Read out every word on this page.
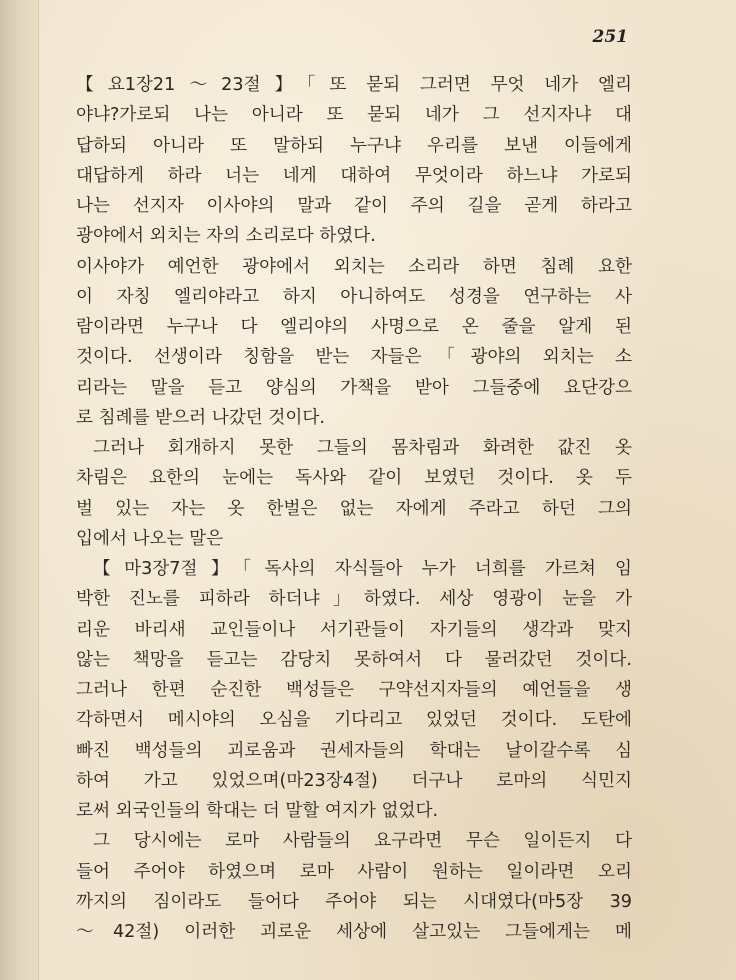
251
【요1장21～23절】「또 묻되 그러면 무엇 네가 엘리
야냐?가로되 나는 아니라 또 묻되 네가 그 선지자냐 대
답하되 아니라 또 말하되 누구냐 우리를 보낸 이들에게
대답하게 하라 너는 네게 대하여 무엇이라 하느냐 가로되
나는 선지자 이사야의 말과 같이 주의 길을 곧게 하라고
광야에서 외치는 자의 소리로다 하였다.
이사야가 예언한 광야에서 외치는 소리라 하면 침례 요한
이 자칭 엘리야라고 하지 아니하여도 성경을 연구하는 사
람이라면 누구나 다 엘리야의 사명으로 온 줄을 알게 된
것이다. 선생이라 칭함을 받는 자들은「광야의 외치는 소
리라는 말을 듣고 양심의 가책을 받아 그들중에 요단강으
로 침례를 받으러 나갔던 것이다.
그러나 회개하지 못한 그들의 몸차림과 화려한 값진 옷
차림은 요한의 눈에는 독사와 같이 보였던 것이다. 옷 두
벌 있는 자는 옷 한벌은 없는 자에게 주라고 하던 그의
입에서 나오는 말은
【마3장7절】「독사의 자식들아 누가 너희를 가르쳐 임
박한 진노를 피하라 하더냐」하였다. 세상 영광이 눈을 가
리운 바리새 교인들이나 서기관들이 자기들의 생각과 맞지
않는 책망을 듣고는 감당치 못하여서 다 물러갔던 것이다.
그러나 한편 순진한 백성들은 구약선지자들의 예언들을 생
각하면서 메시야의 오심을 기다리고 있었던 것이다. 도탄에
빠진 백성들의 괴로움과 권세자들의 학대는 날이갈수록 심
하여 가고 있었으며(마23장4절) 더구나 로마의 식민지
로써 외국인들의 학대는 더 말할 여지가 없었다.
그 당시에는 로마 사람들의 요구라면 무슨 일이든지 다
들어 주어야 하였으며 로마 사람이 원하는 일이라면 오리
까지의 짐이라도 들어다 주어야 되는 시대였다(마5장 39
～42절) 이러한 괴로운 세상에 살고있는 그들에게는 메
